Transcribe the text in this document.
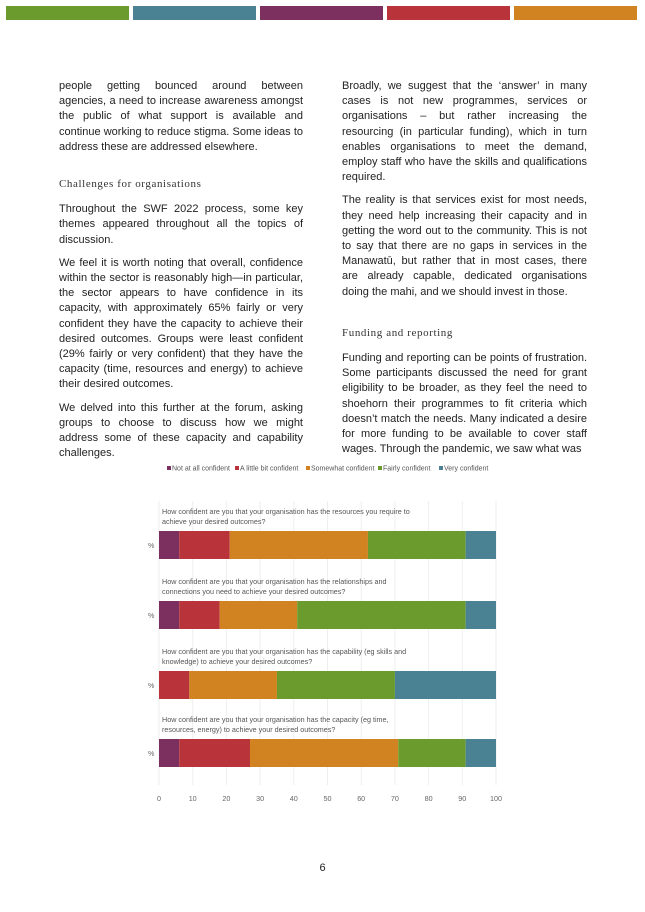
people getting bounced around between agencies, a need to increase awareness amongst the public of what support is available and continue working to reduce stigma. Some ideas to address these are addressed elsewhere.

Challenges for organisations

Throughout the SWF 2022 process, some key themes appeared throughout all the topics of discussion.

We feel it is worth noting that overall, confidence within the sector is reasonably high—in particular, the sector appears to have confidence in its capacity, with approximately 65% fairly or very confident they have the capacity to achieve their desired outcomes. Groups were least confident (29% fairly or very confident) that they have the capacity (time, resources and energy) to achieve their desired outcomes.

We delved into this further at the forum, asking groups to choose to discuss how we might address some of these capacity and capability challenges.

Broadly, we suggest that the ‘answer’ in many cases is not new programmes, services or organisations – but rather increasing the resourcing (in particular funding), which in turn enables organisations to meet the demand, employ staff who have the skills and qualifications required.

The reality is that services exist for most needs, they need help increasing their capacity and in getting the word out to the community. This is not to say that there are no gaps in services in the Manawatū, but rather that in most cases, there are already capable, dedicated organisations doing the mahi, and we should invest in those.

Funding and reporting

Funding and reporting can be points of frustration. Some participants discussed the need for grant eligibility to be broader, as they feel the need to shoehorn their programmes to fit criteria which doesn’t match the needs. Many indicated a desire for more funding to be available to cover staff wages. Through the pandemic, we saw what was

Not at all confident A little bit confident Somewhat confident Fairly confident Very confident
How confident are you that your organisation has the resources you require to
achieve your desired outcomes?
%
How confident are you that your organisation has the relationships and
connections you need to achieve your desired outcomes?
%
How confident are you that your organisation has the capability (eg skills and
knowledge) to achieve your desired outcomes?
%
How confident are you that your organisation has the capacity (eg time,
resources, energy) to achieve your desired outcomes?
%
0	10	20	30	40	50	60	70	80	90	100
6
